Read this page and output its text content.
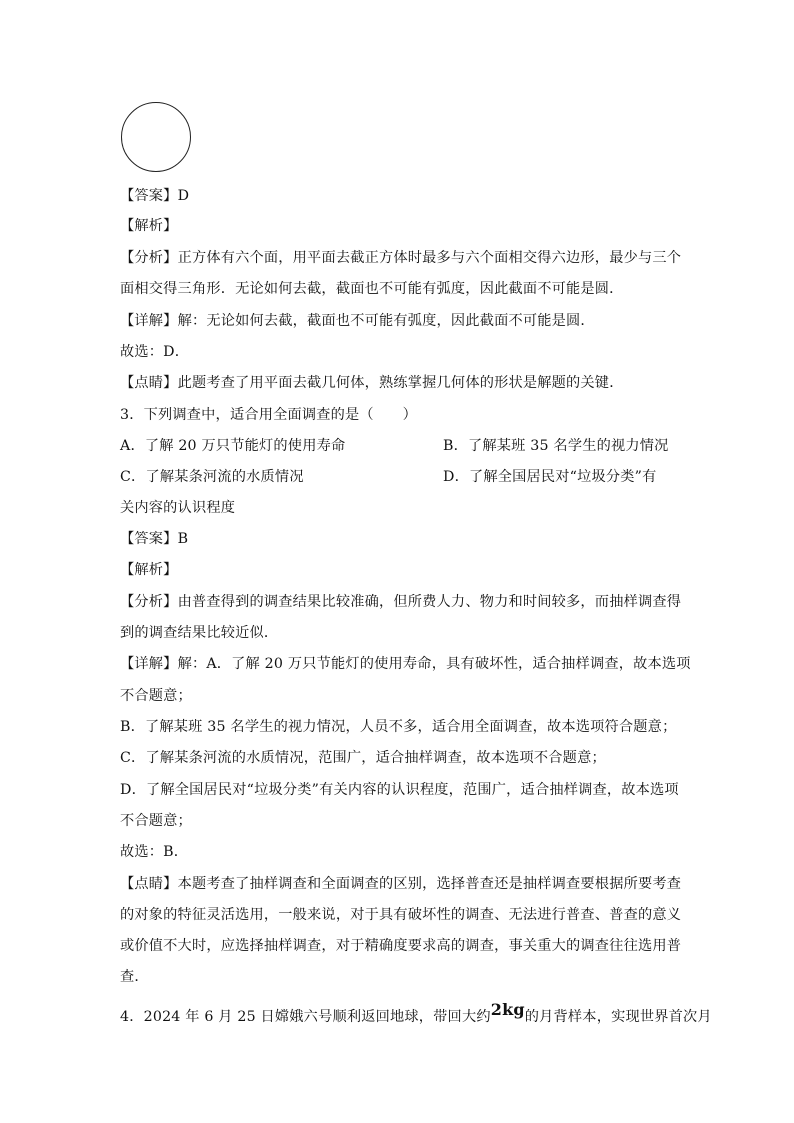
【答案】D
【解析】
【分析】正方体有六个面，用平面去截正方体时最多与六个面相交得六边形，最少与三个
面相交得三角形．无论如何去截，截面也不可能有弧度，因此截面不可能是圆．
【详解】解：无论如何去截，截面也不可能有弧度，因此截面不可能是圆．
故选：D．
【点睛】此题考查了用平面去截几何体，熟练掌握几何体的形状是解题的关键．
3．下列调查中，适合用全面调查的是（　　）
A．了解 20 万只节能灯的使用寿命	B．了解某班 35 名学生的视力情况
C．了解某条河流的水质情况	D．了解全国居民对“垃圾分类”有
关内容的认识程度
【答案】B
【解析】
【分析】由普查得到的调查结果比较准确，但所费人力、物力和时间较多，而抽样调查得
到的调查结果比较近似．
【详解】解：A．了解 20 万只节能灯的使用寿命，具有破坏性，适合抽样调查，故本选项
不合题意；
B．了解某班 35 名学生的视力情况，人员不多，适合用全面调查，故本选项符合题意；
C．了解某条河流的水质情况，范围广，适合抽样调查，故本选项不合题意；
D．了解全国居民对“垃圾分类”有关内容的认识程度，范围广，适合抽样调查，故本选项
不合题意；
故选：B．
【点睛】本题考查了抽样调查和全面调查的区别，选择普查还是抽样调查要根据所要考查
的对象的特征灵活选用，一般来说，对于具有破坏性的调查、无法进行普查、普查的意义
或价值不大时，应选择抽样调查，对于精确度要求高的调查，事关重大的调查往往选用普
查．
4．2024 年 6 月 25 日嫦娥六号顺利返回地球，带回大约2kg的月背样本，实现世界首次月
